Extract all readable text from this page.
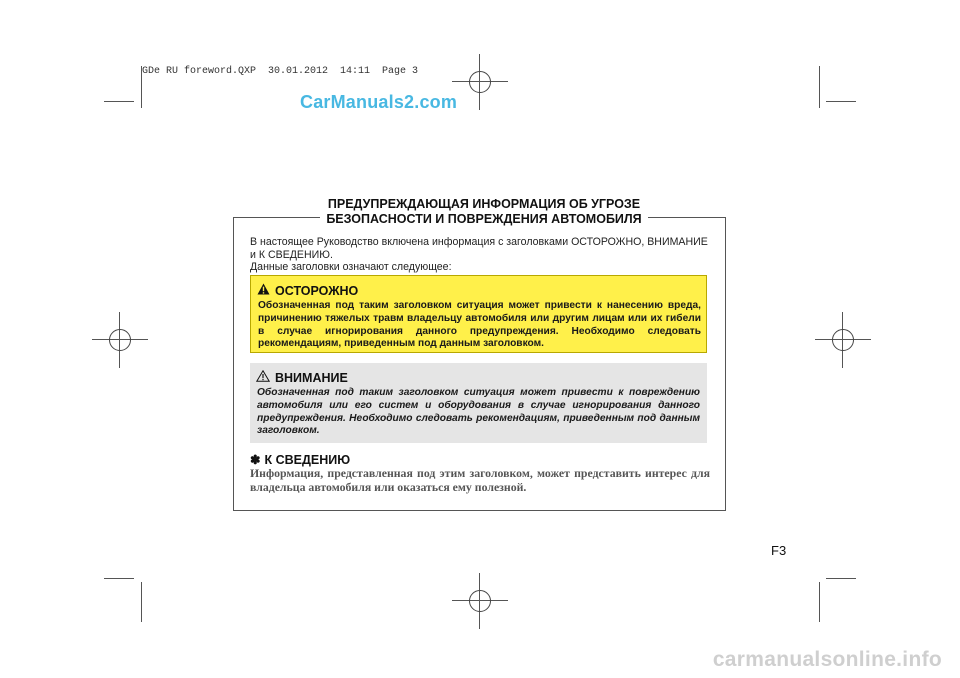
GDe RU foreword.QXP  30.01.2012  14:11  Page 3
CarManuals2.com
ПРЕДУПРЕЖДАЮЩАЯ ИНФОРМАЦИЯ ОБ УГРОЗЕ
БЕЗОПАСНОСТИ И ПОВРЕЖДЕНИЯ АВТОМОБИЛЯ
В настоящее Руководство включена информация с заголовками ОСТОРОЖНО, ВНИМАНИЕ и К СВЕДЕНИЮ.
Данные заголовки означают следующее:
ОСТОРОЖНО
Обозначенная под таким заголовком ситуация может привести к нанесению вреда, причинению тяжелых травм владельцу автомобиля или другим лицам или их гибели в случае игнорирования данного предупреждения. Необходимо следовать рекомендациям, приведенным под данным заголовком.
ВНИМАНИЕ
Обозначенная под таким заголовком ситуация может привести к повреждению автомобиля или его систем и оборудования в случае игнорирования данного предупреждения. Необходимо следовать рекомендациям, приведенным под данным заголовком.
✽ К СВЕДЕНИЮ
Информация, представленная под этим заголовком, может представить интерес для владельца автомобиля или оказаться ему полезной.
F3
carmanualsonline.info
